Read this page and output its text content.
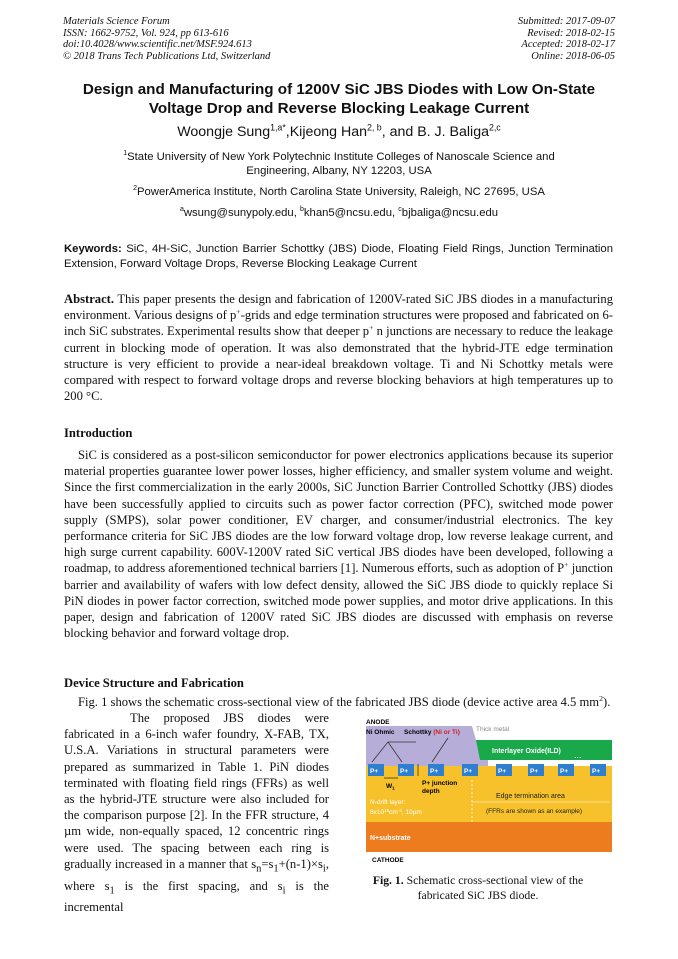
Materials Science Forum
ISSN: 1662-9752, Vol. 924, pp 613-616
doi:10.4028/www.scientific.net/MSF.924.613
© 2018 Trans Tech Publications Ltd, Switzerland
Submitted: 2017-09-07
Revised: 2018-02-15
Accepted: 2018-02-17
Online: 2018-06-05
Design and Manufacturing of 1200V SiC JBS Diodes with Low On-State
Voltage Drop and Reverse Blocking Leakage Current
Woongje Sung$^{1,a*}$,Kijeong Han$^{2, b}$, and B. J. Baliga$^{2,c}$
$^1$State University of New York Polytechnic Institute Colleges of Nanoscale Science and
Engineering, Albany, NY 12203, USA
$^2$PowerAmerica Institute, North Carolina State University, Raleigh, NC 27695, USA
$^a$wsung@sunypoly.edu, $^b$khan5@ncsu.edu, $^c$bjbaliga@ncsu.edu
Keywords: SiC, 4H-SiC, Junction Barrier Schottky (JBS) Diode, Floating Field Rings, Junction Termination Extension, Forward Voltage Drops, Reverse Blocking Leakage Current

Abstract. This paper presents the design and fabrication of 1200V-rated SiC JBS diodes in a manufacturing environment. Various designs of p+-grids and edge termination structures were proposed and fabricated on 6-inch SiC substrates. Experimental results show that deeper p+ n junctions are necessary to reduce the leakage current in blocking mode of operation. It was also demonstrated that the hybrid-JTE edge termination structure is very efficient to provide a near-ideal breakdown voltage. Ti and Ni Schottky metals were compared with respect to forward voltage drops and reverse blocking behaviors at high temperatures up to 200 °C.

Introduction

SiC is considered as a post-silicon semiconductor for power electronics applications because its superior material properties guarantee lower power losses, higher efficiency, and smaller system volume and weight. Since the first commercialization in the early 2000s, SiC Junction Barrier Controlled Schottky (JBS) diodes have been successfully applied to circuits such as power factor correction (PFC), switched mode power supply (SMPS), solar power conditioner, EV charger, and consumer/industrial electronics. The key performance criteria for SiC JBS diodes are the low forward voltage drop, low reverse leakage current, and high surge current capability. 600V-1200V rated SiC vertical JBS diodes have been developed, following a roadmap, to address aforementioned technical barriers [1]. Numerous efforts, such as adoption of P+ junction barrier and availability of wafers with low defect density, allowed the SiC JBS diode to quickly replace Si PiN diodes in power factor correction, switched mode power supplies, and motor drive applications. In this paper, design and fabrication of 1200V rated SiC JBS diodes are discussed with emphasis on reverse blocking behavior and forward voltage drop.

Device Structure and Fabrication

Fig. 1 shows the schematic cross-sectional view of the fabricated JBS diode (device active area 4.5 $mm^2$).

The proposed JBS diodes were fabricated in a 6-inch wafer foundry, X-FAB, TX, U.S.A. Variations in structural parameters were prepared as summarized in Table 1. PiN diodes terminated with floating field rings (FFRs) as well as the hybrid-JTE structure were also included for the comparison purpose [2]. In the FFR structure, 4 µm wide, non-equally spaced, 12 concentric rings were used. The spacing between each ring is gradually increased in a manner that $s_n=s_1+(n-1)\times s_i$, where $s_1$ is the first spacing, and $s_i$ is the incremental

P+	P+	P+	P+	P+	P+	P+	P+
...
$W_1$
P+ junction
depth
ANODE
Ni Ohmic Schottky (Ni or Ti) Thick metal
Interlayer Oxide(ILD)
N-drift layer:
$8x10^{15}cm^{-3}$, 10µm
Edge termination area
(FFRs are shown as an example)
N+substrate
CATHODE
Fig. 1. Schematic cross-sectional view of the
fabricated SiC JBS diode.
